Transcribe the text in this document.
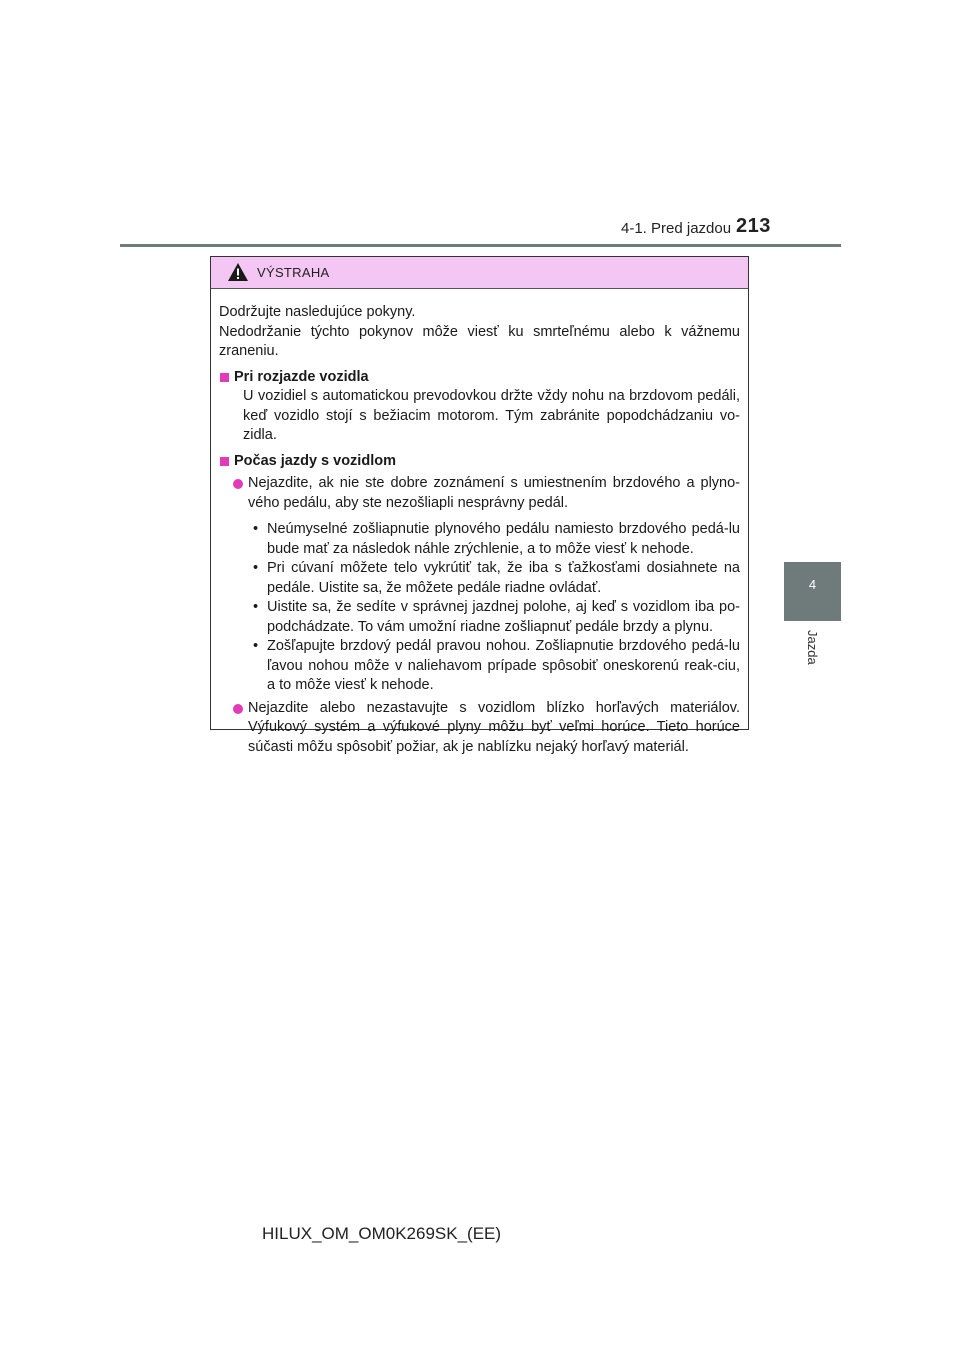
4-1. Pred jazdou 213
4
Jazda
VÝSTRAHA

Dodržujte nasledujúce pokyny.

Nedodržanie týchto pokynov môže viesť ku smrteľnému alebo k vážnemu zraneniu.

Pri rozjazde vozidla

U vozidiel s automatickou prevodovkou držte vždy nohu na brzdovom pedáli, keď vozidlo stojí s bežiacim motorom. Tým zabránite popodchádzaniu vo-zidla.

Počas jazdy s vozidlom

Nejazdite, ak nie ste dobre zoznámení s umiestnením brzdového a plyno-vého pedálu, aby ste nezošliapli nesprávny pedál.
• Neúmyselné zošliapnutie plynového pedálu namiesto brzdového pedá-lu bude mať za následok náhle zrýchlenie, a to môže viesť k nehode.
• Pri cúvaní môžete telo vykrútiť tak, že iba s ťažkosťami dosiahnete na pedále. Uistite sa, že môžete pedále riadne ovládať.
• Uistite sa, že sedíte v správnej jazdnej polohe, aj keď s vozidlom iba po-podchádzate. To vám umožní riadne zošliapnuť pedále brzdy a plynu.
• Zošľapujte brzdový pedál pravou nohou. Zošliapnutie brzdového pedá-lu ľavou nohou môže v naliehavom prípade spôsobiť oneskorenú reak-ciu, a to môže viesť k nehode.
Nejazdite alebo nezastavujte s vozidlom blízko horľavých materiálov. Výfukový systém a výfukové plyny môžu byť veľmi horúce. Tieto horúce súčasti môžu spôsobiť požiar, ak je nablízku nejaký horľavý materiál.
HILUX_OM_OM0K269SK_(EE)
